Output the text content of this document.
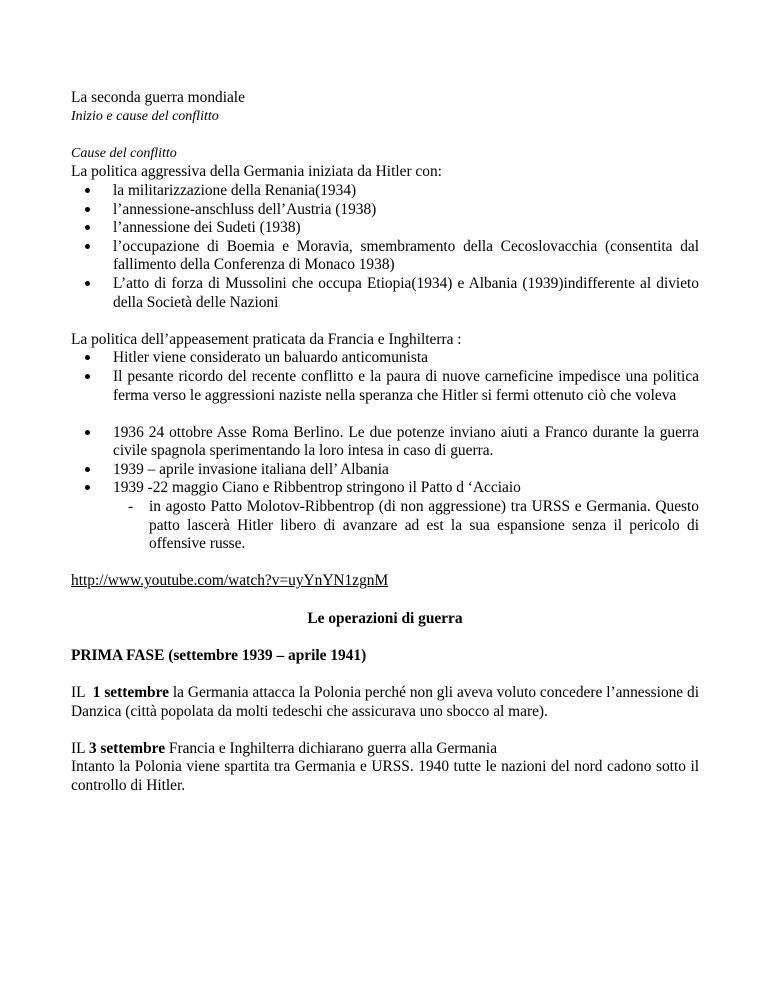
La seconda guerra mondiale

Inizio e cause del conflitto

Cause del conflitto

La politica aggressiva della Germania iniziata da Hitler con:

la militarizzazione della Renania(1934)
l’annessione-anschluss dell’Austria (1938)
l’annessione dei Sudeti (1938)
l’occupazione di Boemia e Moravia, smembramento della Cecoslovacchia (consentita dal fallimento della Conferenza di Monaco 1938)
L’atto di forza di Mussolini che occupa Etiopia(1934) e Albania (1939)indifferente al divieto della Società delle Nazioni

La politica dell’appeasement praticata da Francia e Inghilterra :

Hitler viene considerato un baluardo anticomunista
Il pesante ricordo del recente conflitto e la paura di nuove carneficine impedisce una politica ferma verso le aggressioni naziste nella speranza che Hitler si fermi ottenuto ciò che voleva
1936 24 ottobre Asse Roma Berlino. Le due potenze inviano aiuti a Franco durante la guerra civile spagnola sperimentando la loro intesa in caso di guerra.
1939 – aprile invasione italiana dell’ Albania
1939 -22 maggio Ciano e Ribbentrop stringono il Patto d ‘Acciaio
- in agosto Patto Molotov-Ribbentrop (di non aggressione) tra URSS e Germania. Questo patto lascerà Hitler libero di avanzare ad est la sua espansione senza il pericolo di offensive russe.

http://www.youtube.com/watch?v=uyYnYN1zgnM

Le operazioni di guerra

PRIMA FASE (settembre 1939 – aprile 1941)

IL  1 settembre la Germania attacca la Polonia perché non gli aveva voluto concedere l’annessione di Danzica (città popolata da molti tedeschi che assicurava uno sbocco al mare).

IL 3 settembre Francia e Inghilterra dichiarano guerra alla Germania

Intanto la Polonia viene spartita tra Germania e URSS. 1940 tutte le nazioni del nord cadono sotto il controllo di Hitler.
